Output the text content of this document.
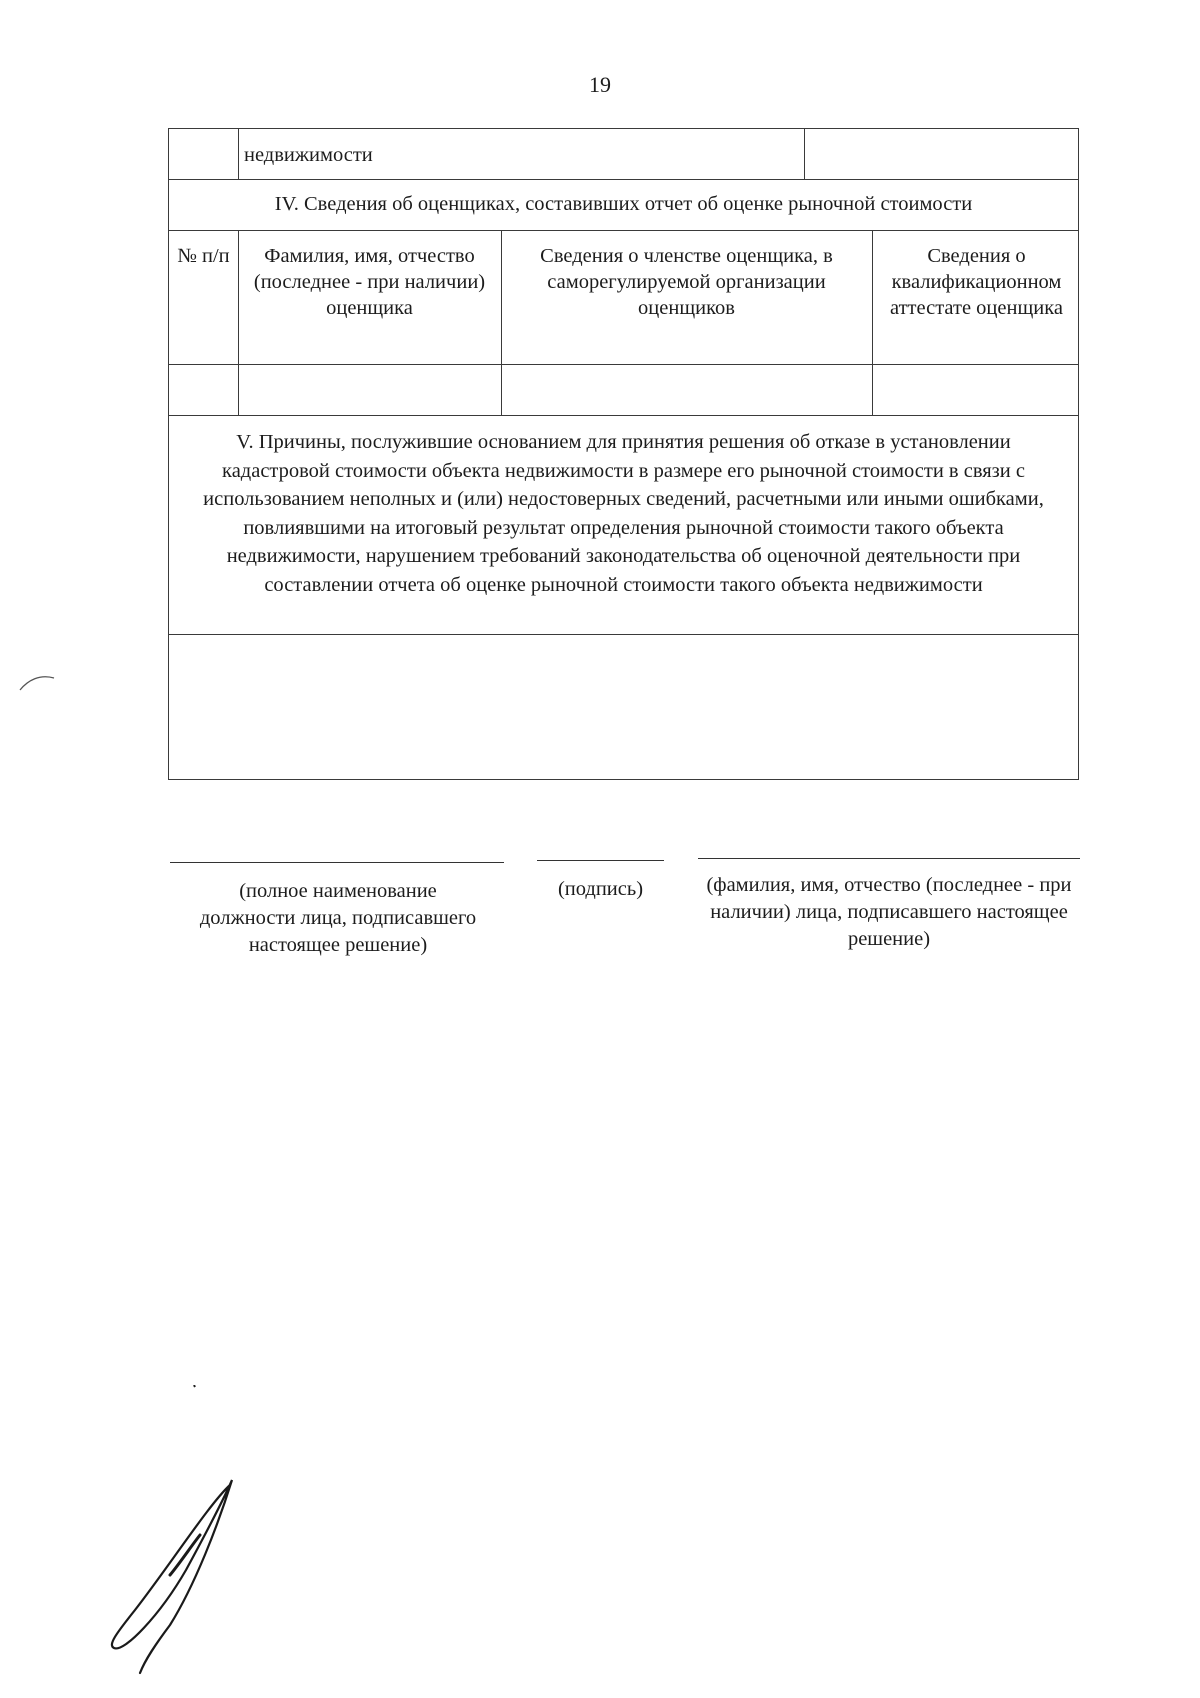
19
недвижимости
IV. Сведения об оценщиках, составивших отчет об оценке рыночной стоимости
№ п/п	Фамилия, имя, отчество (последнее - при наличии) оценщика
Сведения о членстве оценщика, в саморегулируемой организации оценщиков
Сведения о квалификационном аттестате оценщика
V. Причины, послужившие основанием для принятия решения об отказе в установлении кадастровой стоимости объекта недвижимости в размере его рыночной стоимости в связи с использованием неполных и (или) недостоверных сведений, расчетными или иными ошибками, повлиявшими на итоговый результат определения рыночной стоимости такого объекта недвижимости, нарушением требований законодательства об оценочной деятельности при составлении отчета об оценке рыночной стоимости такого объекта недвижимости
(полное наименование должности лица, подписавшего настоящее решение)
(подпись)	(фамилия, имя, отчество (последнее - при наличии) лица, подписавшего настоящее решение)
